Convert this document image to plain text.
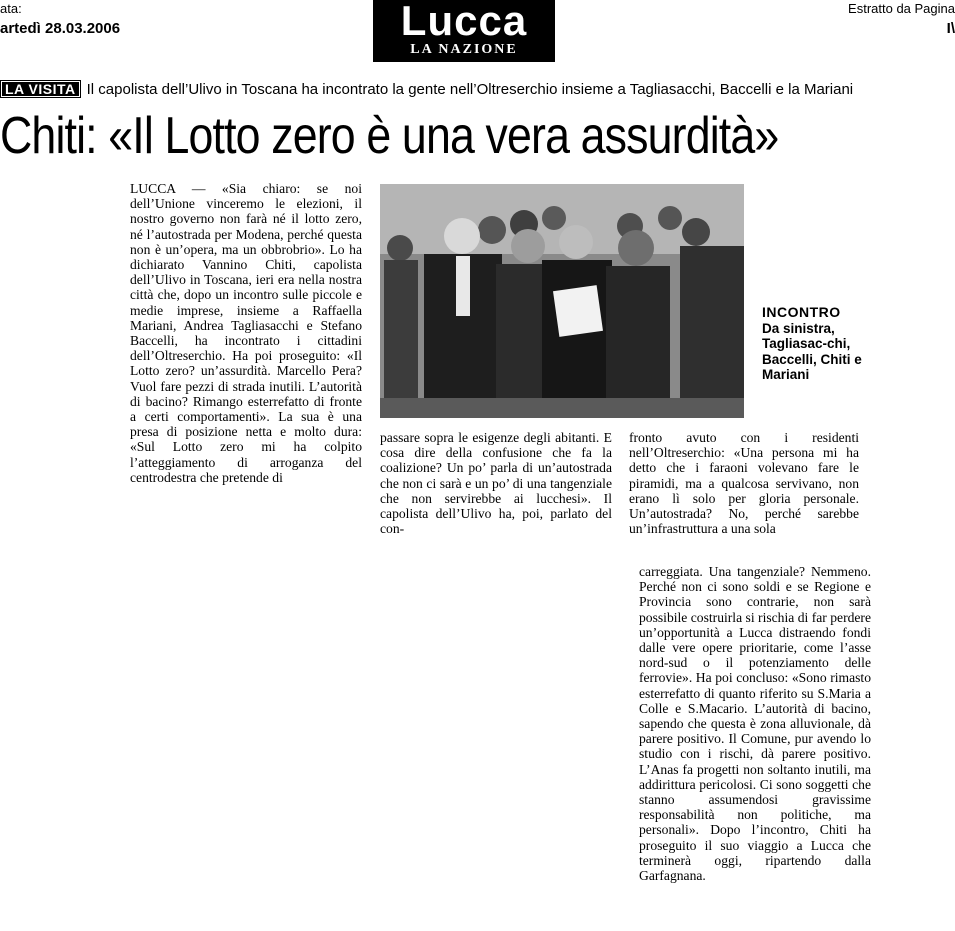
ata:
artedì 28.03.2006	Lucca
LA NAZIONE
Estratto da Pagina
I\
LA VISITA Il capolista dell’Ulivo in Toscana ha incontrato la gente nell’Oltreserchio insieme a Tagliasacchi, Baccelli e la Mariani
Chiti: «Il Lotto zero è una vera assurdità»
LUCCA — «Sia chiaro: se noi dell’Unione vinceremo le elezioni, il nostro governo non farà né il lotto zero, né l’autostrada per Modena, perché questa non è un’opera, ma un obbrobrio». Lo ha dichiarato Vannino Chiti, capolista dell’Ulivo in Toscana, ieri era nella nostra città che, dopo un incontro sulle piccole e medie imprese, insieme a Raffaella Mariani, Andrea Tagliasacchi e Stefano Baccelli, ha incontrato i cittadini dell’Oltreserchio. Ha poi proseguito: «Il Lotto zero? un’assurdità. Marcello Pera? Vuol fare pezzi di strada inutili. L’autorità di bacino? Rimango esterrefatto di fronte a certi comportamenti». La sua è una presa di posizione netta e molto dura: «Sul Lotto zero mi ha colpito l’atteggiamento di arroganza del centrodestra che pretende di
INCONTRO
Da sinistra, Tagliasac-chi, Baccelli, Chiti e Mariani
passare sopra le esigenze degli abitanti. E cosa dire della confusione che fa la coalizione? Un po’ parla di un’autostrada che non ci sarà e un po’ di una tangenziale che non servirebbe ai lucchesi». Il capolista dell’Ulivo ha, poi, parlato del con-
fronto avuto con i residenti nell’Oltreserchio: «Una persona mi ha detto che i faraoni volevano fare le piramidi, ma a qualcosa servivano, non erano lì solo per gloria personale. Un’autostrada? No, perché sarebbe un’infrastruttura a una sola
carreggiata. Una tangenziale? Nemmeno. Perché non ci sono soldi e se Regione e Provincia sono contrarie, non sarà possibile costruirla si rischia di far perdere un’opportunità a Lucca distraendo fondi dalle vere opere prioritarie, come l’asse nord-sud o il potenziamento delle ferrovie». Ha poi concluso: «Sono rimasto esterrefatto di quanto riferito su S.Maria a Colle e S.Macario. L’autorità di bacino, sapendo che questa è zona alluvionale, dà parere positivo. Il Comune, pur avendo lo studio con i rischi, dà parere positivo. L’Anas fa progetti non soltanto inutili, ma addirittura pericolosi. Ci sono soggetti che stanno assumendosi gravissime responsabilità non politiche, ma personali». Dopo l’incontro, Chiti ha proseguito il suo viaggio a Lucca che terminerà oggi, ripartendo dalla Garfagnana.
